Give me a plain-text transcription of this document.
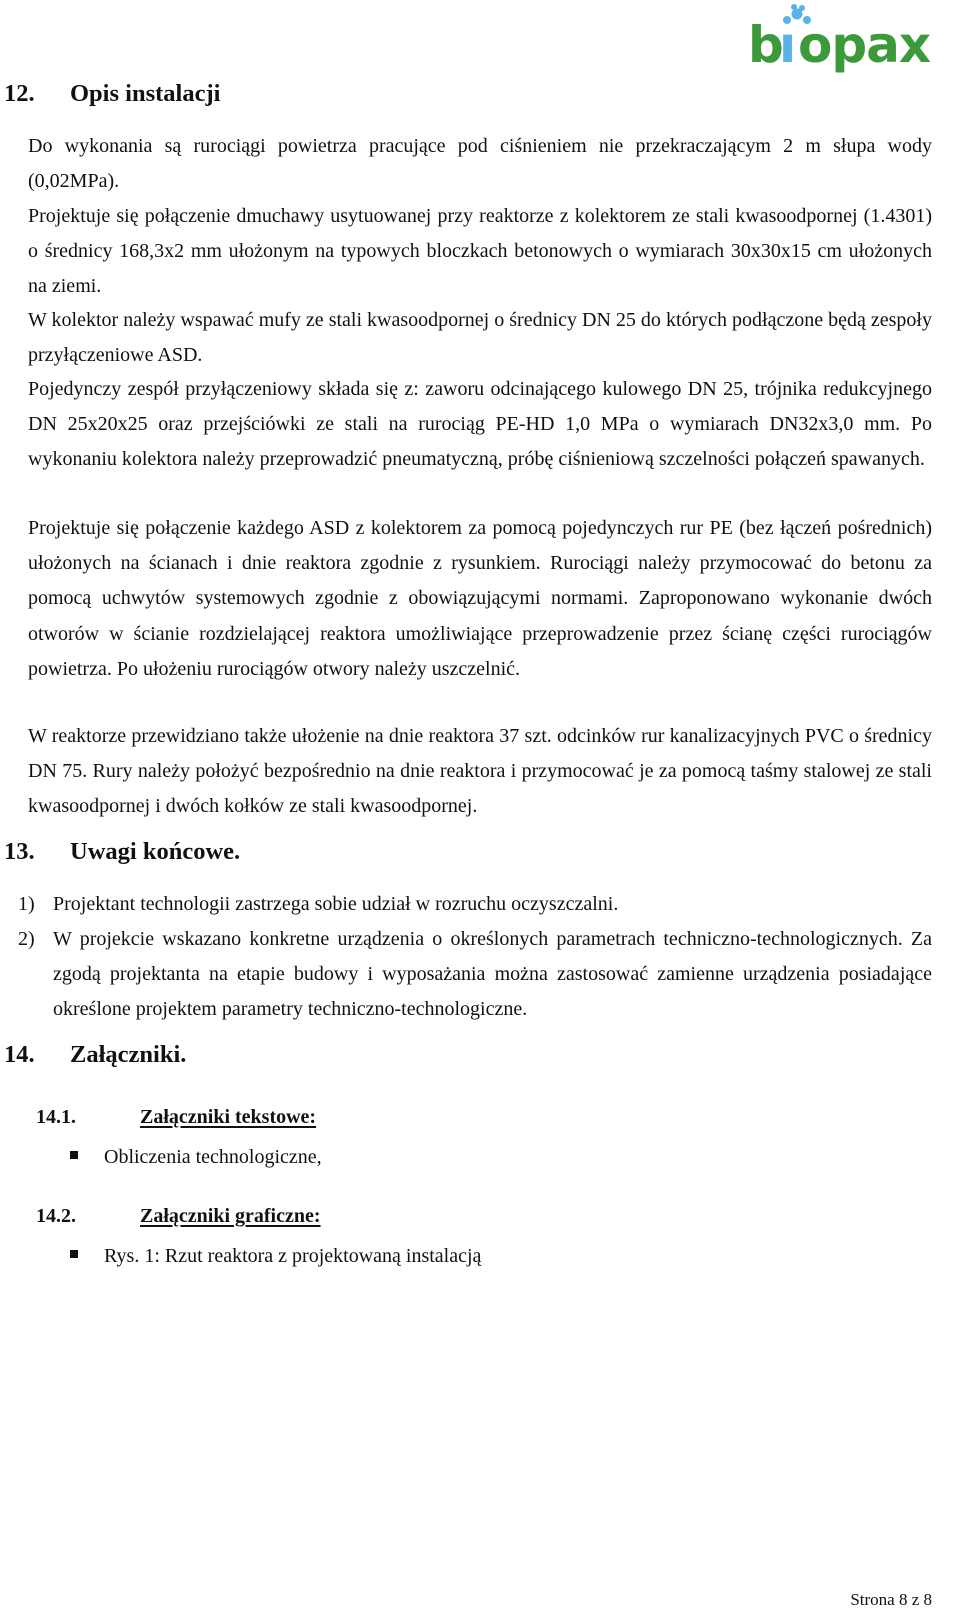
b
ı opax
12. Opis instalacji
Do wykonania są rurociągi powietrza pracujące pod ciśnieniem nie przekraczającym 2 m słupa wody (0,02MPa).
Projektuje się połączenie dmuchawy usytuowanej przy reaktorze z kolektorem ze stali kwasoodpornej (1.4301) o średnicy 168,3x2 mm ułożonym na typowych bloczkach betonowych o wymiarach 30x30x15 cm ułożonych na ziemi.
W kolektor należy wspawać mufy ze stali kwasoodpornej o średnicy DN 25 do których podłączone będą zespoły przyłączeniowe ASD.
Pojedynczy zespół przyłączeniowy składa się z: zaworu odcinającego kulowego DN 25, trójnika redukcyjnego DN 25x20x25 oraz przejściówki ze stali na rurociąg PE-HD 1,0 MPa o wymiarach DN32x3,0 mm. Po wykonaniu kolektora należy przeprowadzić pneumatyczną, próbę ciśnieniową szczelności połączeń spawanych.
Projektuje się połączenie każdego ASD z kolektorem za pomocą pojedynczych rur PE (bez łączeń pośrednich) ułożonych na ścianach i dnie reaktora zgodnie z rysunkiem. Rurociągi należy przymocować do betonu za pomocą uchwytów systemowych zgodnie z obowiązującymi normami. Zaproponowano wykonanie dwóch otworów w ścianie rozdzielającej reaktora umożliwiające przeprowadzenie przez ścianę części rurociągów powietrza. Po ułożeniu rurociągów otwory należy uszczelnić.
W reaktorze przewidziano także ułożenie na dnie reaktora 37 szt. odcinków rur kanalizacyjnych PVC o średnicy DN 75. Rury należy położyć bezpośrednio na dnie reaktora i przymocować je za pomocą taśmy stalowej ze stali kwasoodpornej i dwóch kołków ze stali kwasoodpornej.
13. Uwagi końcowe.
1) Projektant technologii zastrzega sobie udział w rozruchu oczyszczalni.
2) W projekcie wskazano konkretne urządzenia o określonych parametrach techniczno-technologicznych. Za zgodą projektanta na etapie budowy i wyposażania można zastosować zamienne urządzenia posiadające określone projektem parametry techniczno-technologiczne.
14. Załączniki.
14.1.	Załączniki tekstowe:
Obliczenia technologiczne,
14.2.	Załączniki graficzne:
Rys. 1: Rzut reaktora z projektowaną instalacją
Strona 8 z 8
